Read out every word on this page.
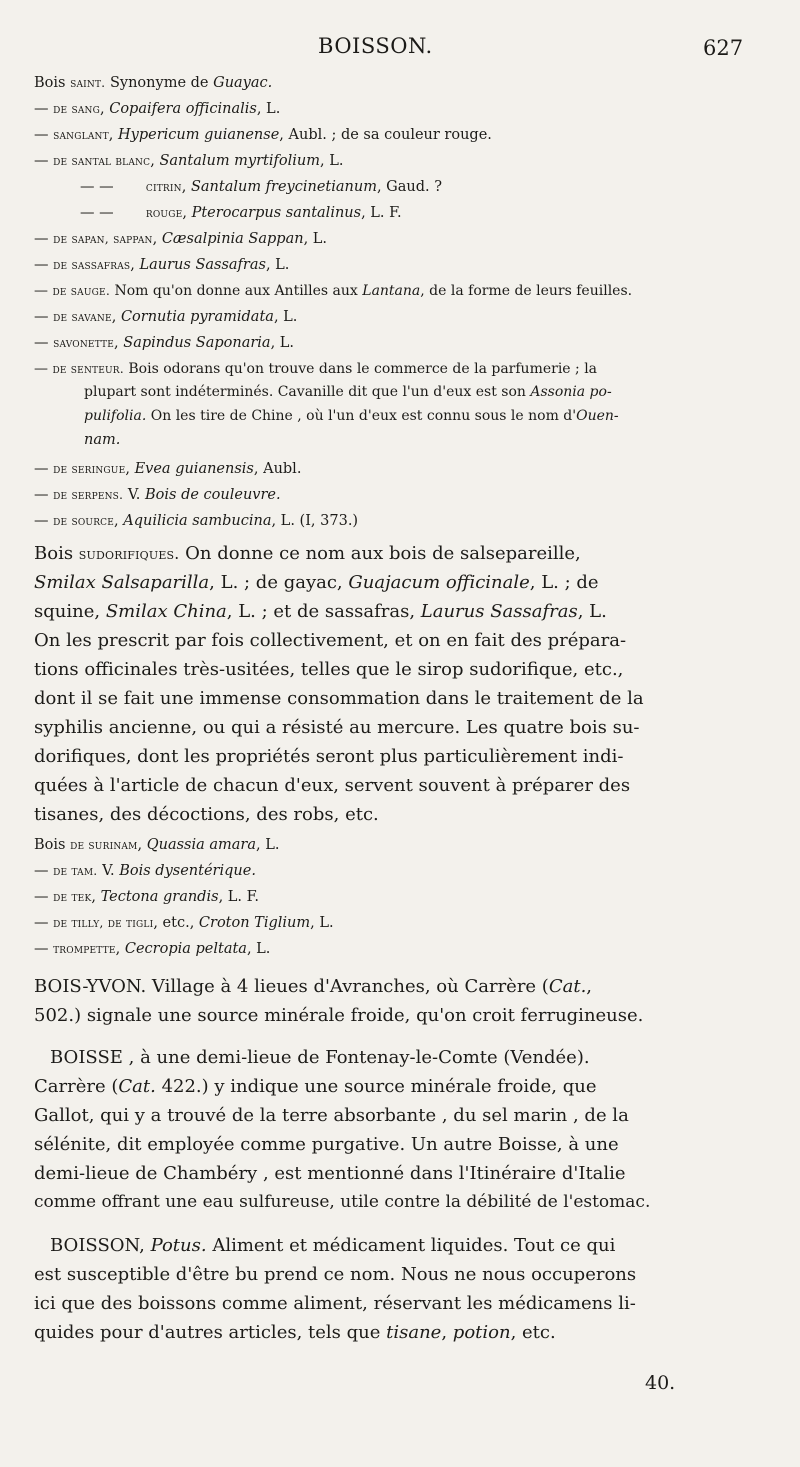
BOISSON.	627
Bois saint. Synonyme de Guayac.
— de sang, Copaifera officinalis, L.
— sanglant, Hypericum guianense, Aubl. ; de sa couleur rouge.
— de santal blanc, Santalum myrtifolium, L.
— —	citrin, Santalum freycinetianum, Gaud. ?
— —	rouge, Pterocarpus santalinus, L. F.
— de sapan, sappan, Cæsalpinia Sappan, L.
— de sassafras, Laurus Sassafras, L.
— de sauge. Nom qu'on donne aux Antilles aux Lantana, de la forme de leurs feuilles.
— de savane, Cornutia pyramidata, L.
— savonette, Sapindus Saponaria, L.
— de senteur. Bois odorans qu'on trouve dans le commerce de la parfumerie ; la
plupart sont indéterminés. Cavanille dit que l'un d'eux est son Assonia po-
pulifolia. On les tire de Chine , où l'un d'eux est connu sous le nom d'Ouen-
nam.
— de seringue, Evea guianensis, Aubl.
— de serpens. V. Bois de couleuvre.
— de source, Aquilicia sambucina, L. (I, 373.)
Bois sudorifiques. On donne ce nom aux bois de salsepareille,
Smilax Salsaparilla, L. ; de gayac, Guajacum officinale, L. ; de
squine, Smilax China, L. ; et de sassafras, Laurus Sassafras, L.
On les prescrit par fois collectivement, et on en fait des prépara-
tions officinales très-usitées, telles que le sirop sudorifique, etc.,
dont il se fait une immense consommation dans le traitement de la
syphilis ancienne, ou qui a résisté au mercure. Les quatre bois su-
dorifiques, dont les propriétés seront plus particulièrement indi-
quées à l'article de chacun d'eux, servent souvent à préparer des
tisanes, des décoctions, des robs, etc.
Bois de surinam, Quassia amara, L.
— de tam. V. Bois dysentérique.
— de tek, Tectona grandis, L. F.
— de tilly, de tigli, etc., Croton Tiglium, L.
— trompette, Cecropia peltata, L.
BOIS-YVON. Village à 4 lieues d'Avranches, où Carrère (Cat.,
502.) signale une source minérale froide, qu'on croit ferrugineuse.
BOISSE , à une demi-lieue de Fontenay-le-Comte (Vendée).
Carrère (Cat. 422.) y indique une source minérale froide, que
Gallot, qui y a trouvé de la terre absorbante , du sel marin , de la
sélénite, dit employée comme purgative. Un autre Boisse, à une
demi-lieue de Chambéry , est mentionné dans l'Itinéraire d'Italie
comme offrant une eau sulfureuse, utile contre la débilité de l'estomac.
BOISSON, Potus. Aliment et médicament liquides. Tout ce qui
est susceptible d'être bu prend ce nom. Nous ne nous occuperons
ici que des boissons comme aliment, réservant les médicamens li-
quides pour d'autres articles, tels que tisane, potion, etc.
40.
